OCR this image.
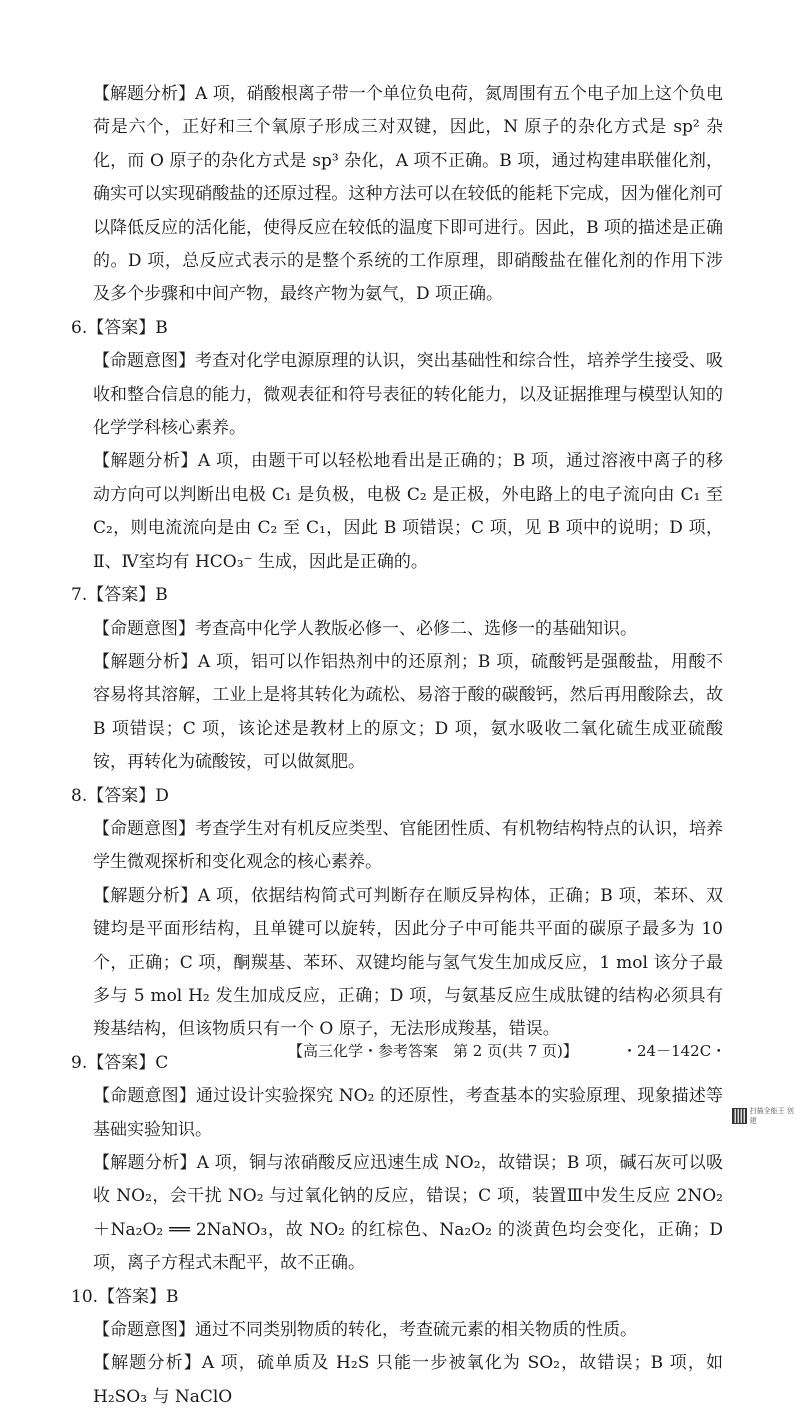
【解题分析】A 项，硝酸根离子带一个单位负电荷，氮周围有五个电子加上这个负电荷是六个，正好和三个氧原子形成三对双键，因此，N 原子的杂化方式是 sp² 杂化，而 O 原子的杂化方式是 sp³ 杂化，A 项不正确。B 项，通过构建串联催化剂，确实可以实现硝酸盐的还原过程。这种方法可以在较低的能耗下完成，因为催化剂可以降低反应的活化能，使得反应在较低的温度下即可进行。因此，B 项的描述是正确的。D 项，总反应式表示的是整个系统的工作原理，即硝酸盐在催化剂的作用下涉及多个步骤和中间产物，最终产物为氨气，D 项正确。

6.【答案】B

【命题意图】考查对化学电源原理的认识，突出基础性和综合性，培养学生接受、吸收和整合信息的能力，微观表征和符号表征的转化能力，以及证据推理与模型认知的化学学科核心素养。

【解题分析】A 项，由题干可以轻松地看出是正确的；B 项，通过溶液中离子的移动方向可以判断出电极 C₁ 是负极，电极 C₂ 是正极，外电路上的电子流向由 C₁ 至 C₂，则电流流向是由 C₂ 至 C₁，因此 B 项错误；C 项，见 B 项中的说明；D 项，Ⅱ、Ⅳ室均有 HCO₃⁻ 生成，因此是正确的。

7.【答案】B

【命题意图】考查高中化学人教版必修一、必修二、选修一的基础知识。

【解题分析】A 项，铝可以作铝热剂中的还原剂；B 项，硫酸钙是强酸盐，用酸不容易将其溶解，工业上是将其转化为疏松、易溶于酸的碳酸钙，然后再用酸除去，故 B 项错误；C 项，该论述是教材上的原文；D 项，氨水吸收二氧化硫生成亚硫酸铵，再转化为硫酸铵，可以做氮肥。

8.【答案】D

【命题意图】考查学生对有机反应类型、官能团性质、有机物结构特点的认识，培养学生微观探析和变化观念的核心素养。

【解题分析】A 项，依据结构简式可判断存在顺反异构体，正确；B 项，苯环、双键均是平面形结构，且单键可以旋转，因此分子中可能共平面的碳原子最多为 10 个，正确；C 项，酮羰基、苯环、双键均能与氢气发生加成反应，1 mol 该分子最多与 5 mol H₂ 发生加成反应，正确；D 项，与氨基反应生成肽键的结构必须具有羧基结构，但该物质只有一个 O 原子，无法形成羧基，错误。

9.【答案】C

【命题意图】通过设计实验探究 NO₂ 的还原性，考查基本的实验原理、现象描述等基础实验知识。

【解题分析】A 项，铜与浓硝酸反应迅速生成 NO₂，故错误；B 项，碱石灰可以吸收 NO₂，会干扰 NO₂ 与过氧化钠的反应，错误；C 项，装置Ⅲ中发生反应 2NO₂＋Na₂O₂ ══ 2NaNO₃，故 NO₂ 的红棕色、Na₂O₂ 的淡黄色均会变化，正确；D 项，离子方程式未配平，故不正确。

10.【答案】B

【命题意图】通过不同类别物质的转化，考查硫元素的相关物质的性质。

【解题分析】A 项，硫单质及 H₂S 只能一步被氧化为 SO₂，故错误；B 项，如 H₂SO₃ 与 NaClO

【高三化学・参考答案　第 2 页(共 7 页)】	・24－142C・
扫描全能王 创建
